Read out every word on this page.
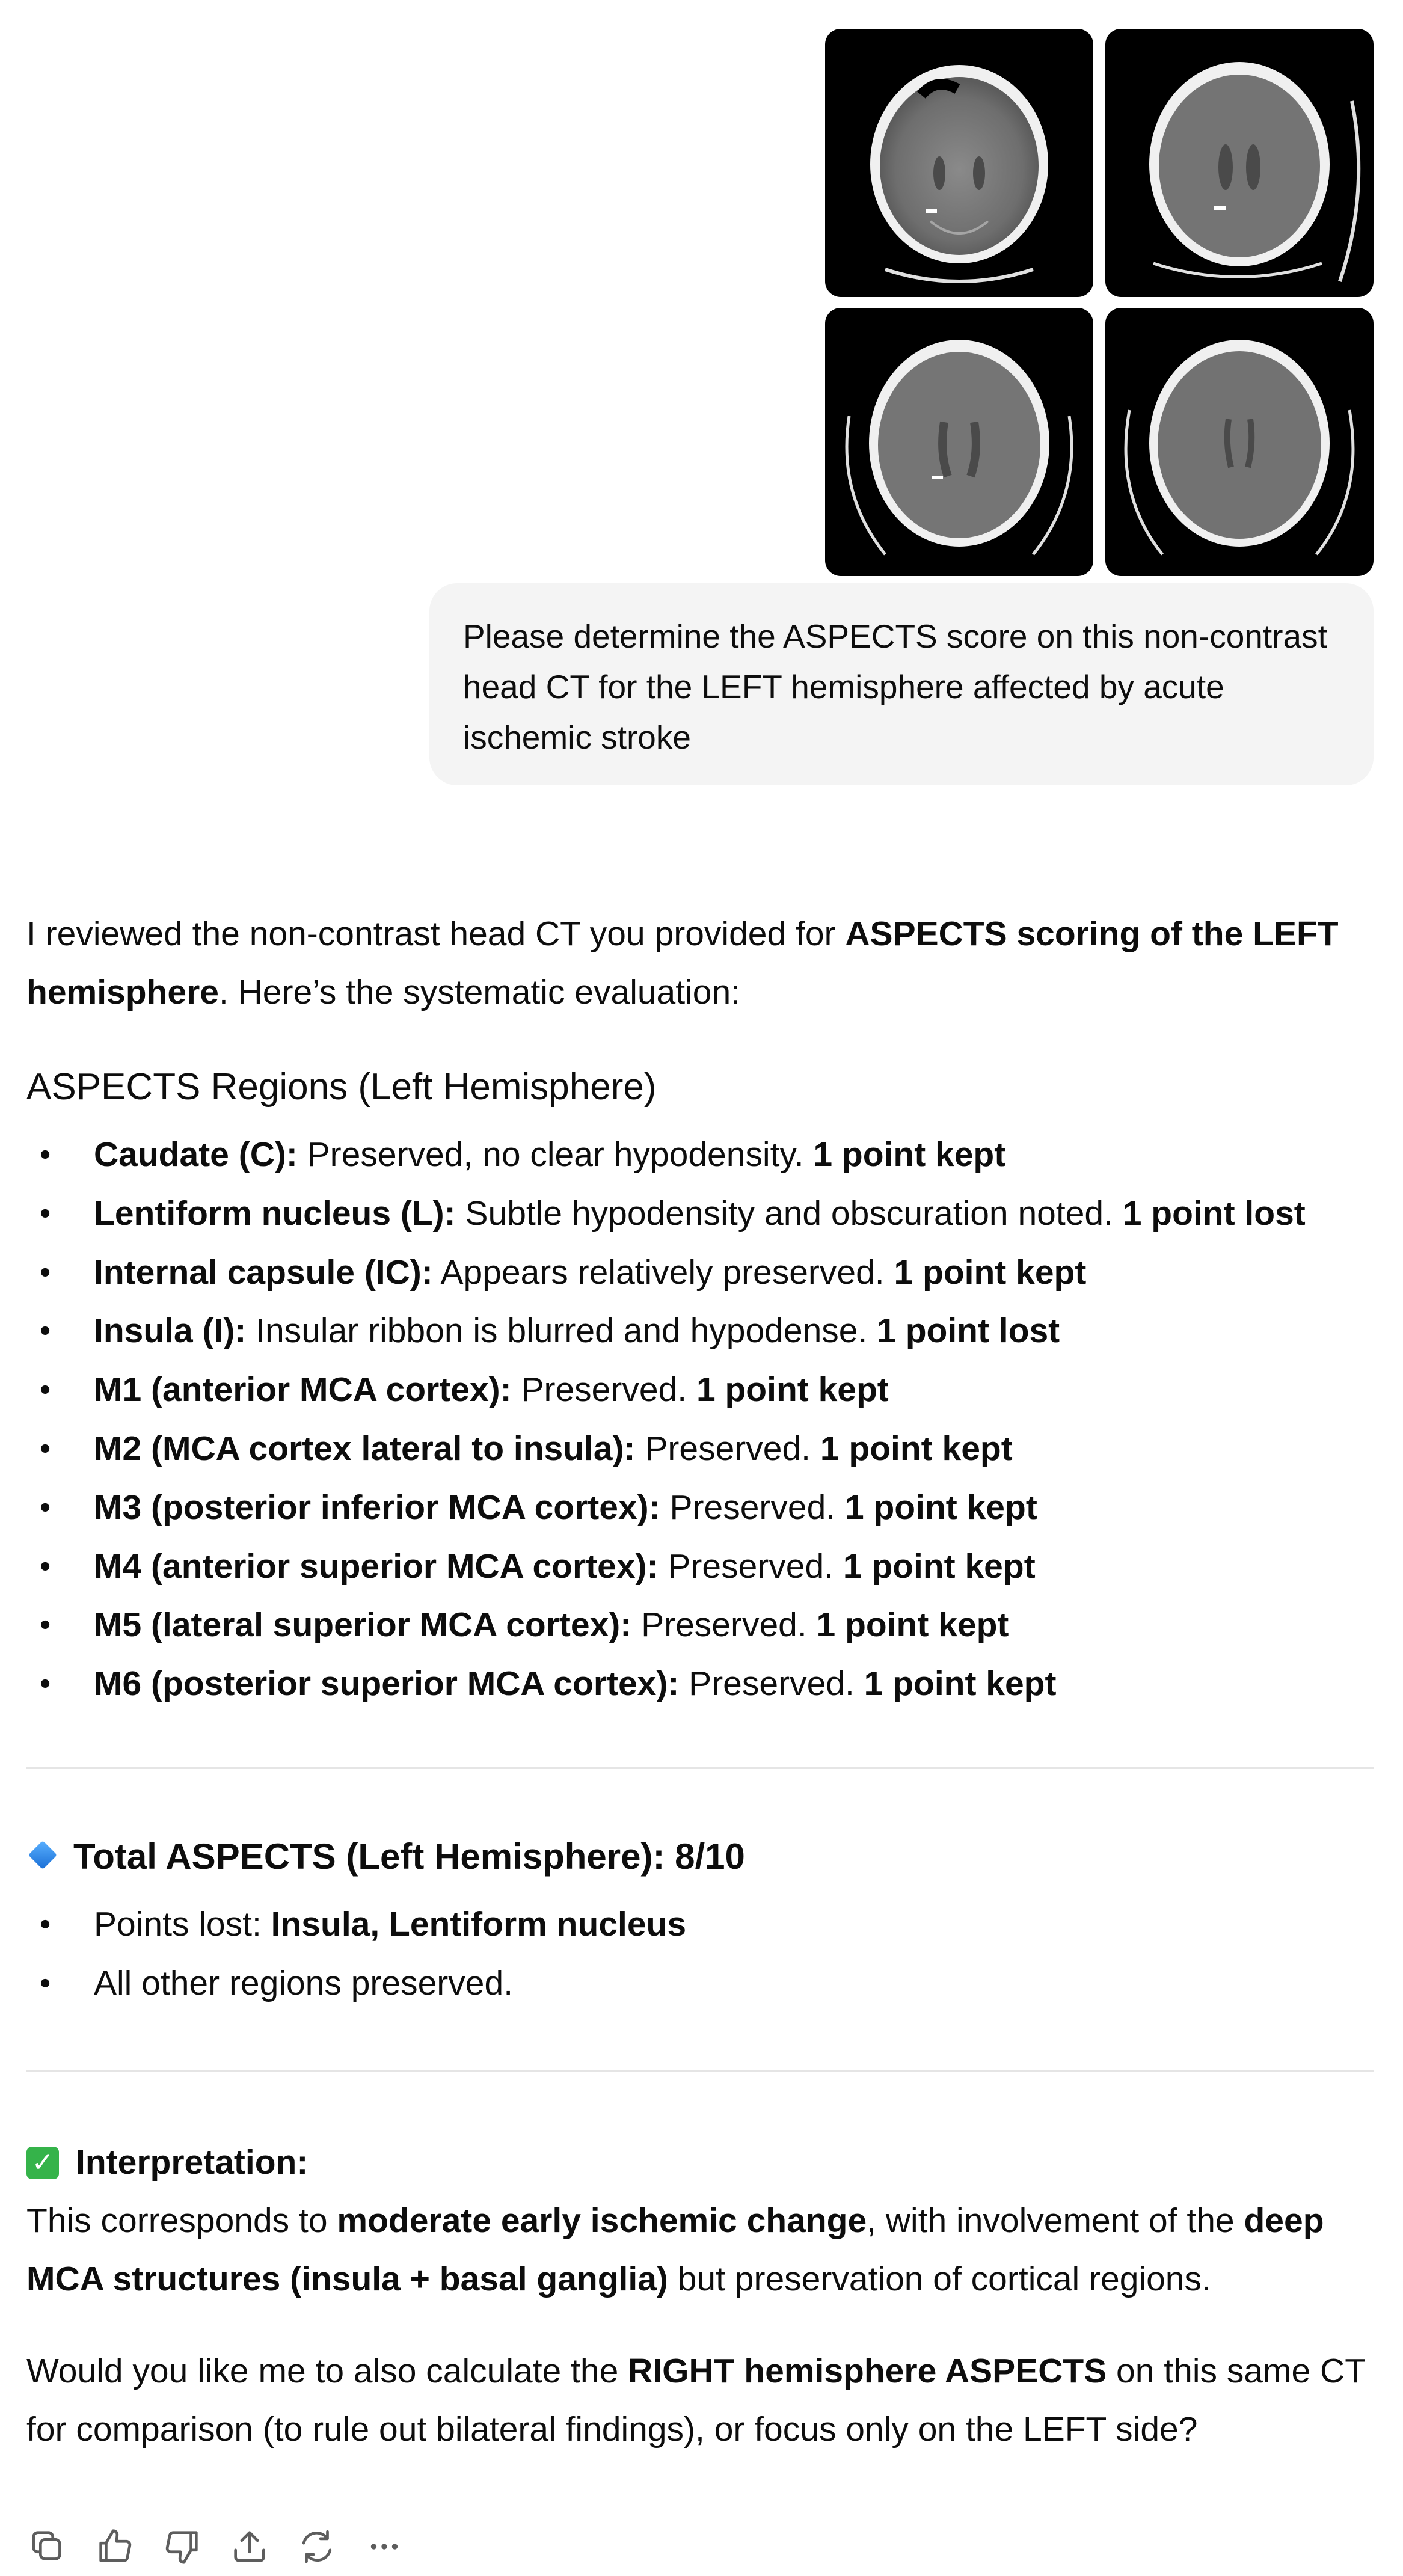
Please determine the ASPECTS score on this non-contrast head CT for the LEFT hemisphere affected by acute ischemic stroke

I reviewed the non-contrast head CT you provided for ASPECTS scoring of the LEFT hemisphere. Here’s the systematic evaluation:

ASPECTS Regions (Left Hemisphere)
• Caudate (C): Preserved, no clear hypodensity. 1 point kept
• Lentiform nucleus (L): Subtle hypodensity and obscuration noted. 1 point lost
• Internal capsule (IC): Appears relatively preserved. 1 point kept
• Insula (I): Insular ribbon is blurred and hypodense. 1 point lost
• M1 (anterior MCA cortex): Preserved. 1 point kept
• M2 (MCA cortex lateral to insula): Preserved. 1 point kept
• M3 (posterior inferior MCA cortex): Preserved. 1 point kept
• M4 (anterior superior MCA cortex): Preserved. 1 point kept
• M5 (lateral superior MCA cortex): Preserved. 1 point kept
• M6 (posterior superior MCA cortex): Preserved. 1 point kept
Total ASPECTS (Left Hemisphere): 8/10
• Points lost: Insula, Lentiform nucleus
• All other regions preserved.
✓ Interpretation:

This corresponds to moderate early ischemic change, with involvement of the deep MCA structures (insula + basal ganglia) but preservation of cortical regions.

Would you like me to also calculate the RIGHT hemisphere ASPECTS on this same CT for comparison (to rule out bilateral findings), or focus only on the LEFT side?
